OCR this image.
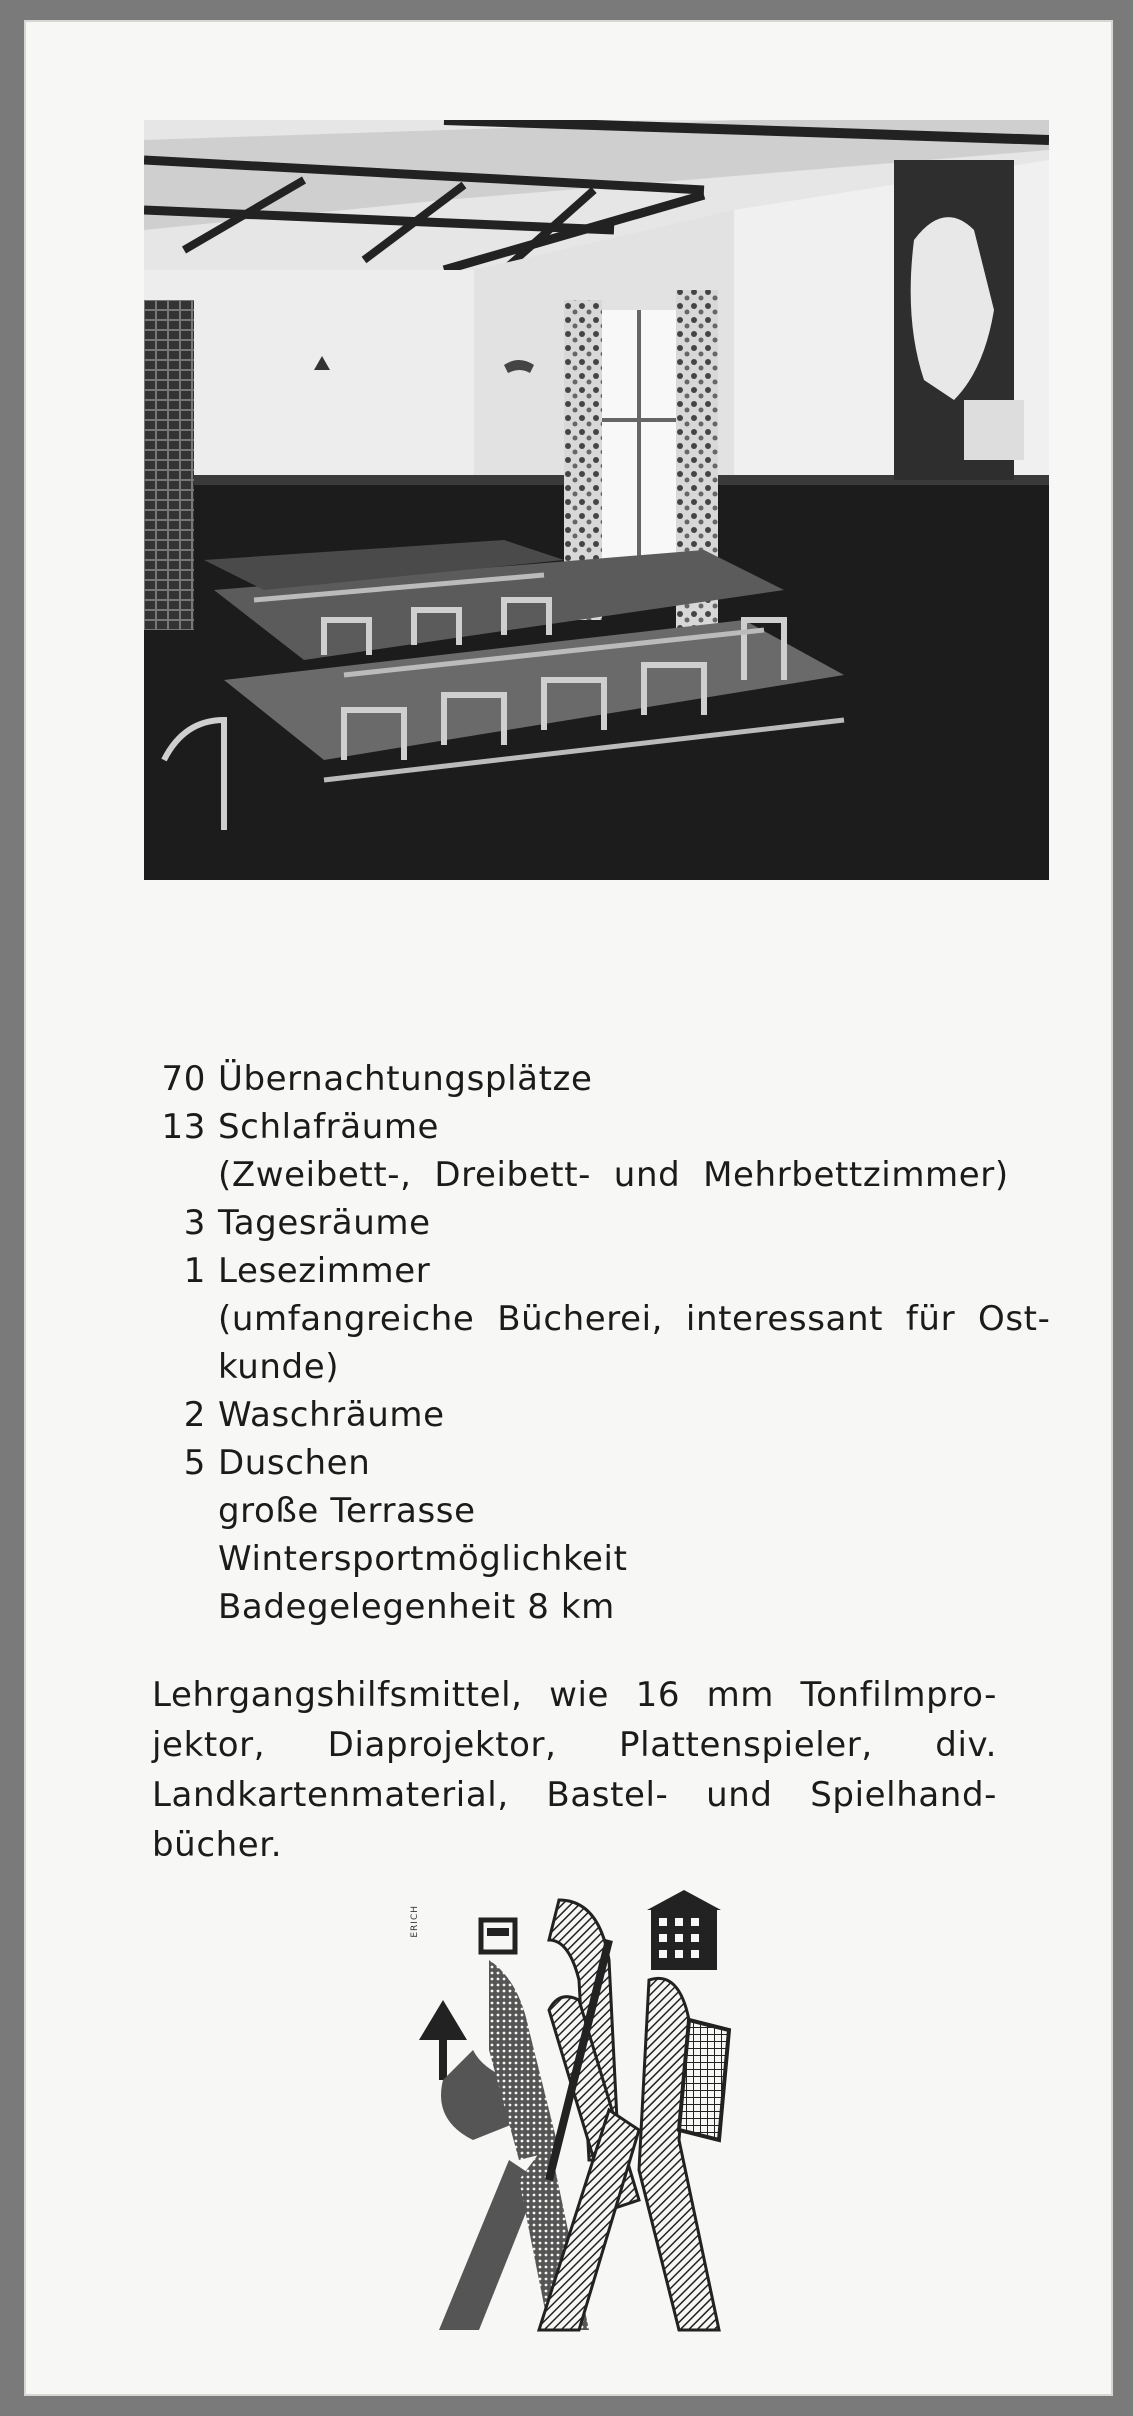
70 Übernachtungsplätze
13 Schlafräume
(Zweibett-,  Dreibett-  und  Mehrbettzimmer)
3 Tagesräume
1 Lesezimmer
(umfangreiche  Bücherei,  interessant  für  Ost-
kunde)
2 Waschräume
5 Duschen
große Terrasse
Wintersportmöglichkeit
Badegelegenheit 8 km
Lehrgangshilfsmittel, wie 16 mm Tonfilmpro-
jektor, Diaprojektor, Plattenspieler, div.
Landkartenmaterial, Bastel- und Spielhand-
bücher.
ERICH
